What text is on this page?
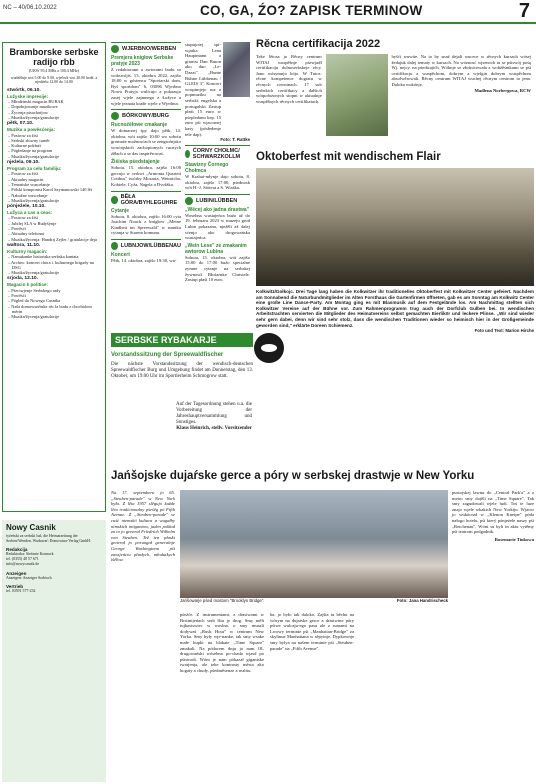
NC – 40/06.10.2022	CO, GA, ŹO? ZAPISK TERMINOW	7
Bramborske serbske radijo rbb
(UKW 95,4 MHz a 100,4 MHz)
wudźělnje wot 5.00 do 9.00, wječork wot 20.00 hodź. a njedźelu 12.00 do 14.00
stwórtk, 06.10.
Lužyske impresije:
– Młodźinski magacin BUBAK
– Dopołnjowanje muzikowe
– Žycenja pisuchaŕjow
– Muzika/žycenja/gratulacije
pětk, 07.10.
Muzika a powěsćenja:
– Postrow za žiśi
– Serbski słowny turněr
– Kulturne pokłaźi
– Pógledanje na program
– Muzika/žycenja/gratulacije
njeźela, 09.10.
Program za celu familiju:
– Postrow za žiśi
– Aktualny magacin
– Tematiske wuscełanje
– Pólski komponist Karol Szymanowski 140 lět
– Nabožne wuscełanje
– Muzika/žycenja/gratulacije
pónjeźele, 10.10.
Lužyca a cas a ceas:
– Postrow za žiśi
– Jubilej SLA w Budyšynje
– Powěsći
– Aktualny telefonat
– Muzika/žycenja: Handrij Zejler / gratulacije deja
wałtora, 11.10.
Kulturny magacin:
– Namakanke historiska serbska kantata
– Archiw: koncert chora i. kulturnego brigady na DSG
– Muzika/žycenja/gratulacije
srjoda, 12.10.
Magacin k politice:
– Pśeciwjenje Serbskego rady
– Powěsći
– Pógled do Nowego Casnika
– Naša domowserbske rěc la budu z chocholom mérin
– Muzika/žycenja/gratulacije
Nowy Casnik
tyźeński za serbski lud, die Heimatzeitung der Sorben/Wenden. Wudawaŕ: Domowina-Verlag GmbH.
Redakcija
Redaktorka: Stefanie Konzack
tel. (0355) 48 57 671
info@nowycasnik.de
Anzeigen
Anzeigen: Anzeiger Sorbisch
Vertrieb
tel. 03591 577-232

WJERBNO/WERBEN
Premjera knigłow Serbske pratyje 2023
Z redaktorami a awtorami budu so wobswójiś. 13. oktobra 2022, zajtšo 18:00 w góstencu "Sportarski dom, Byš sportdom" 6, 03096 Wjerbno Nowa Pratyja wulicujo a pokazujo zasej wjele zajmnego z Łužyce a wjele jeznata krade wjele z Wjerbna.
BÓRKOWY/BURG
Rucnoźěłowe cmakanje
W domacnej śpy dajo pětk, 14. oktobra, wót zajtšo 10:00 wo sobotu gromaźe možnosćach se zengroŕnjsko wosćnjskich zachopionych rucnych źěłach a se das inspirěrowaś.
Źiśiska pśedstajenje
Sobotu, 15. oktobra, zajtšo 16:00 gercujo w cerkwi „Armonia Quartett Cottbus" twórby Mozarta, Weinricha, Kobiele, Cyža, Nagela a Dvořáka.
BĚŁA GÓRA/BYHLEGUHRE
Cytanje
Sobotu, 8. oktobra, zajtšo 16:00 cyta Joachim Noack z knigłow „Meine Kindheit im Spreewald" w rumiku cytanja w Starem komunu.
LUBNJOW/LÜBBENAU
Koncert
Pětk, 14. oktobra, zajtšo 19:30, wu-
stupujotej spi-wjarka Lena Hauptmann a gitarist Dan Baron ako duo „Le-Dazzi". „Bunte Bühne Lübbenau / GLEIS 3". Koncert wospimjejo ruz a popmuziku na serbski, engelska a portugalski. Zastup płaśi 15 euro w pśepledanu kep. 15 euro pśi wjacornej kasy (pósłedenje tele dap).
Foto: T. Rattke
ĆORNY CHOŁMC/ SCHWARZKOLLM
Stawizny Čornego Chołmca
W Krabat-młynje dajo sobotu, 8. oktobra, zajtšo 17:00, pśednosk wót H.-J. Stötera a S. Wiaśka.
LUBIN/LÜBBEN
„Wěcej ako jadna drastwa"
Wosebna wustajeńca buźo až do 19. februara 2023 w muzeju grod Lubin pokazana, njeźěli až dalej sćenjo ako drogowańska wustajeńca.
„Wein Lese" ze zmakanim awtorow Lubina
Sobotu, 15. oktobra, wót zajtšo 15:00 do 17:00 buźo specialne zymne cytanje na serbskej žywnosći Błośańske Christele. Zastup płaśi 10 euro.
Rěcna certifikacija 2022
Teke lětosa jo Rěcny centrum WITAJ wuspěšnje pśewjadł certifikaciju dolnoserbskeje rěcy. Jano wósymnjo bójo. W Tutcz: rěcne kompetence dogratu w rěcnych rowninach. 17 sub serbskich certifikacy a dalšich wótpołożonych stopni w aktualnje wuspěšnych rěcnych certifikatach.
hyšći wuwite. Na to by snaź dejali wucece w rěcnych kursach wósej žedajuk dalej tematy w kursach. Na wóznosć wjsenoch tu se pśiswój pośę Wj. nejcy. na pśedstajićh. Wóknje se złośnicowała z wobźěśnikami se pśi certifikacju a wuspěchom, dobrym a wjelgin dobrym wuspěchom absolwěrowali. Rěcny centrum WITAJ wuchej rěcnym centrom to jena. Daloka wukónje.
Madlena Norbergowa, RCW
Oktoberfest mit wendischem Flair
Kolkwitz/Gołkojc. Drei Tage lang haben die Kolkwitzer ihr traditionelles Oktoberfest mit Kolkwitzer Center gefeiert. Nachdem am Sonnabend die Naturbundmitglieder im Alten Forsthaus die Gartenfirmen öffneten, gab es am Sonntag am Kolkwitz Center eine große Line Dance-Party. Am Montag ging es mit Blasmusik auf dem Festgelände los. Am Nachmittag stellten sich Kolkwitzer Vereine auf der Bühne vor. Zum Rahmenprogramm trug auch der Dorfclub Gulben bei. In wendischen Arbeitstrachten servierten die Mitglieder des Heimatvereins selbst gemachten Eierlikör und leckere Plinse. „Wir sind wieder sehr gern dabei, denn wir sind sehr stolz, dass die wendischen Traditionen wieder so heimisch hier in der Großgemeinde geworden sind," erklärte Doreen Schiemenz.
Foto und Text: Marion Hirche
SERBSKE RYBAKARJE
Vorstandssitzung der Spreewaldfischer
Die nächste Vorstandssitzung der wendisch-deutschen Spreewaldfischer Burg und Umgebung findet am Donnerstag, den 13. Oktober, um 19.00 Uhr im Sportlerheim Schmogrow statt.
Auf der Tagesordnung stehen u.a. die Vorbereitung der Jahreshauptversammlung und Sonstiges.
Klaus Heinrich, stellv. Vorsitzender
Jańšojske dujaŕske gerce a póry w serbskej drastwje w New Yorku
Na 17. septemberu jo 65. „Steuben-parade" w New York była. Z lěta 1957 slěgujo každe lěto tradicionalny pśeśěg pó Fifth Avenue. Z „Steuben-parade" se cuść niemskö kultura a wugałby nimskich mógantow, jaden pokład za to jo generał Friedrich Wilhelm von Steuben. Tež ten płaski generał jo poruogał generalnje George Washingtonu pśi zawijeńciu płusłych, młodutkych tšěłow.
Jańšowarje pśed mostom "Brooklyn Bridge".	Foto: Jana Handrischeck
pśeźće. Z instrumentami, z drastwami w Brstinijeńach serb lštu je drog. Smy měli tujkasiswiec w woslna, o smy musali dodywaś „Rush Hour" w centrum New Yorka. Smy były wje-nanke, tak smy wsake małe kupki na blakate „Time Square" zmakali. Na pódacem dnju jo nam OL drugowański wósehno po-chada wjasd po pśistrodi. Wóm je nam pókazał gigantske twarjenja, ale teke kontrasty města ako bogaty a chudy, pśedměsenze a realitu.
ba, jo było tak daloko. Zajšia tu běchu na wósym na dujaŕske gerce a drastwine póry pśiwe wulcaju-ego pasu ale z rumami na Lwowy terminie pśi „Manhattan-Bridge" za skylinue Manhattana w sěpyinje. Dypkownje smy byłya na našem terminie pśi „Steuben-parade" na „Fifth Avenue".
pustojskej lawnu do „Central Park'a" a z metro smy dojěli na „Time Square". Tak smy zagudowali wjele ludi. Toś te luze znajo wjele wkakich New Yorkiju. Wjacor jo wukócnał w „Klenon Kneipe" póda nałogo hotelu, pśi který pónjeźele naszy pśi „Reichenau". Wóni su byli in aktu vytěmy pśi teatrom podgadnik.
Rosemarie Tiukowa
